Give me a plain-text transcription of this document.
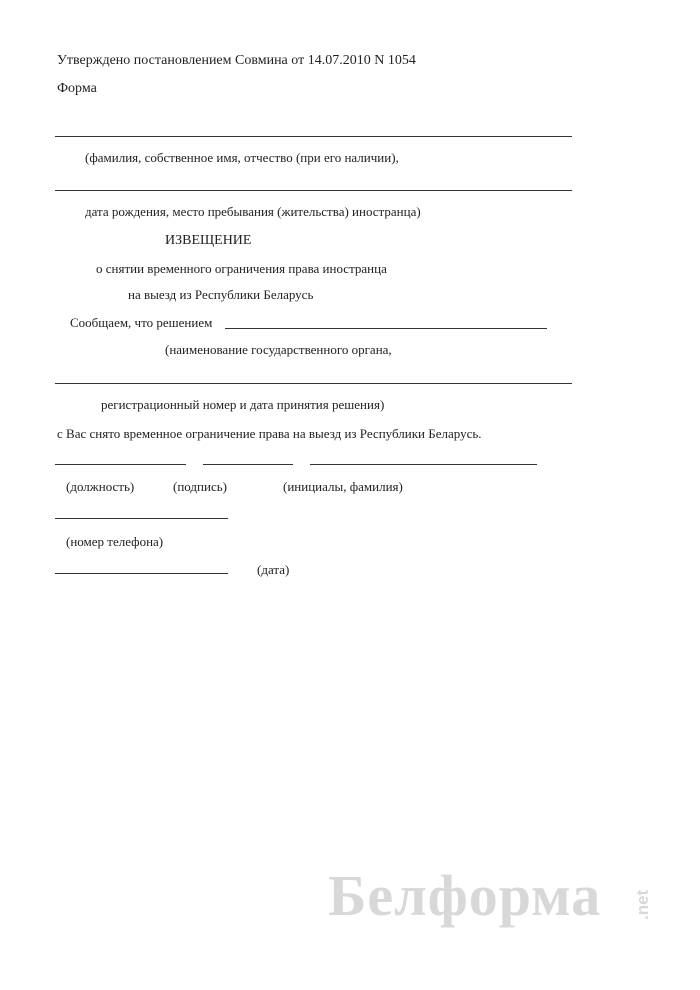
Утверждено постановлением Совмина от 14.07.2010 N 1054
Форма
(фамилия, собственное имя, отчество (при его наличии),
дата рождения, место пребывания (жительства) иностранца)
ИЗВЕЩЕНИЕ
о снятии временного ограничения права иностранца
на выезд из Республики Беларусь
Сообщаем, что решением
(наименование государственного органа,
регистрационный номер и дата принятия решения)
с Вас снято временное ограничение права на выезд из Республики Беларусь.
(должность)	(подпись)	(инициалы, фамилия)
(номер телефона)
(дата)
Белформа .net
